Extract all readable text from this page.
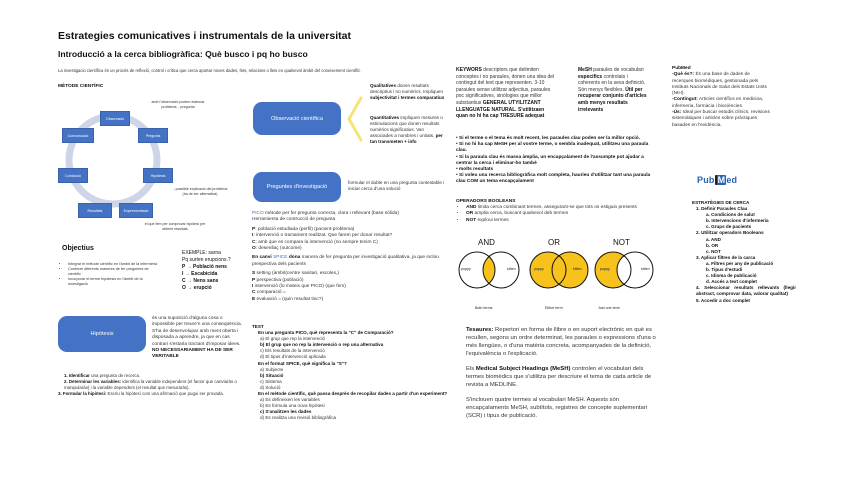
Estrategies comunicatives i instrumentals de la universitat
Introducció a la cerca bibliogràfica: Què busco i pq ho busco
La investigacio científica és un procés de reflexió, control i crítica que cerca aportar noves dades, fets, relacions o lleis en qualsevol àmbit del coneixement científic
MÈTODE CIENTÍFIC
Observació
Pregunta
Hipòtesis
Experimentació
Resultats
Conclusió
Comunicació
amb l'observació podem elaborar problema... pregunta
...possible explicació del problema (ha de ser alternativa)
el que fem per comprovar hipòtesi per obtenir resultats
Objectius
• Integrar el mètode científic en l'àmbit de la infermeria
• Conèixer diferents maneres de fer preguntes de científic
• Incorporar el terme hipòtesis en l'àmbit de la investigació
EXEMPLE: sarna
Pq surten erupcions.?
P → Població nens
I → Escabicida
C → Nens sans
O → erupció
Hipòtesis
és una suposició d'alguna cosa o impossible per treure'n una conseqüència. S'ha de desenvolupar amb ment oberta i disposada a aprendre, ja que en cas contrari s'estaria tractant d'imposar idees. NO NECESSARIAMENT HA DE SER VERITABLE
1. Identificar una pregunta de recerca.
2. Determinar les variables: identifica la variable independent (el factor que canviaràs o manipularàs) i la variable dependent (el resultat que mesuraràs).
3. Formular la hipòtesi: Escriu la hipòtesi com una afirmació que pugui ser provada.
Observació científica
Qualitatives donen resultats descriptius i no numèrics. Impliquen subjectivitat i termes comparatius
Quantitatives impliquen mesures o estimulacions que donen resultats numèrics significatius. Van associades a nombres i unitats, per tan transmeten + info
Preguntes d'investigació
formular el dubte en una pregunta contestable i iniciar cerca d'una solució
PICO mètode per fer pregunta correcta, clara i rellevant (base sòlida)
Herramienta de contrucció de pregunta
P: població estudiada (perfil) (pacient-problema)
I: intervenció o tractament realitzat. Que farem per donar resultat?
C: amb que es compara la intervenció (no sempre tenim C)
O: desenllaç (outcome)
En canvi SPICE dona manera de fer pregunta per investigació qualitativa, ja que inclou prespectiva dels pacients
S setting (àmbit(centre sanitari, escoles,)
P perspectiva (població)
I intervenció (lo mateix que PICO) (que fem)
C comparació =
E evaluació = (quin resultat tinc?)
TEST
En una pregunta PICO, què representa la "C" de Comparació?
a) El grup que rep la intervenció
b) El grup que no rep la intervenció o rep una alternativa
c) Els resultats de la intervenció
d) El tipus d'intervenció aplicada
En el format SPICE, què significa la "S"?
a) Subjecte
b) Situació
c) Sistema
d) Solució
En el mètode científic, què passa després de recopilar dades a partir d'un experiment?
a) Es defineixen les variables
b) Es formula una nova hipòtesi
c) S'analitzen les dades
d) Es realitza una revisió bibliogràfica
KEYWORS descriptors que delimiten conceptes i no paraules, donen una idea del contingut del text que representen. 3-10 paraules sense utilitzar adjectius, paraules poc significatives, sinòlogies que millor substantius GENERAL UTYILITZANT LLENGUATGE NATURAL. S'utilitzaen quan no hi ha cap TRESURE adequat
MeSH paraules de vocabulari especifics controlats i coherents en la seva definició. Són menys flexibles. Útil per recuperar conjunto d'articles amb menys resultats irrelevants
• Si el terme o el tema és molt recent, les paraules clau poden ser la millor opció.
• Si no hi ha cap MeSH per al vostre terme, o sembla inadequat, utilitzeu una paraula clau.
• Si la paraula clau és massa àmplia, un encapçalament de l'assumpte pot ajudar a centrar la cerca i eliminar-ho també
• molts resultats
• Si voleu una recerca bibliogràfica molt completa, haurieu d'utilitzar tant una paraula clau COM un tema encapçalament
OPERADORS BOOLEANS
• AND limita cerca combinant termes, assegurant-se que tots os estiguin presents
• OR amplia cerca, buscant qualsevol deb termes
• NOT exploui termes
AND
puppy	kitten
Both terms
OR
puppy	kitten
Either term
NOT
puppy	kitten
Just one term
Tesaures: Repertori en forma de llibre o en suport electrònic en què es recullen, segons un ordre determinat, les paraules o expressions d'una o més llengües, o d'una matèria concreta, acompanyades de la definició, l'equivalència o l'explicació.
Els Medical Subject Headings (MeSH) controlen el vocabulari dels termes biomèdics que s'utilitza per descriure el tema de cada article de revista a MEDLINE.
S'inclouen quatre termes al vocabulari MeSH. Aquests són encapçalaments MeSH, subtítols, registres de concepte suplementari (SCR) i tipus de publicació.
PubMed
-Què és?: És una base de dades de recerques biomèdiques, gestionada pels Instituts Nacionals de Salut dels Estats Units (NIH).
-Contingut: Articles científics en medicina, infermeria, farmàcia i biociències.
-Ús: Ideal per buscar estudis clínics, revisions sistemàtiques i articles sobre pràctiques basades en l'evidència.
Pub M ed
ESTRATÈGIES DE CERCA
1. Definir Paraules Clau
a. Condicions de salut
b. Intervencions d'infermeria
c. Grups de pacients
2. Utilitzar operadors Booleans
a. AND
b. OR
c. NOT
3. Aplicar filtres de la carca
a. Filtres per any de publicació
b. Tipus d'estudi
c. Idioma de publicació
d. Accés a text complet
4. Seleccionar resultats rellevants (llegir abstract, comprovar data, valorar qualitat)
5. Accedir a doc complet
